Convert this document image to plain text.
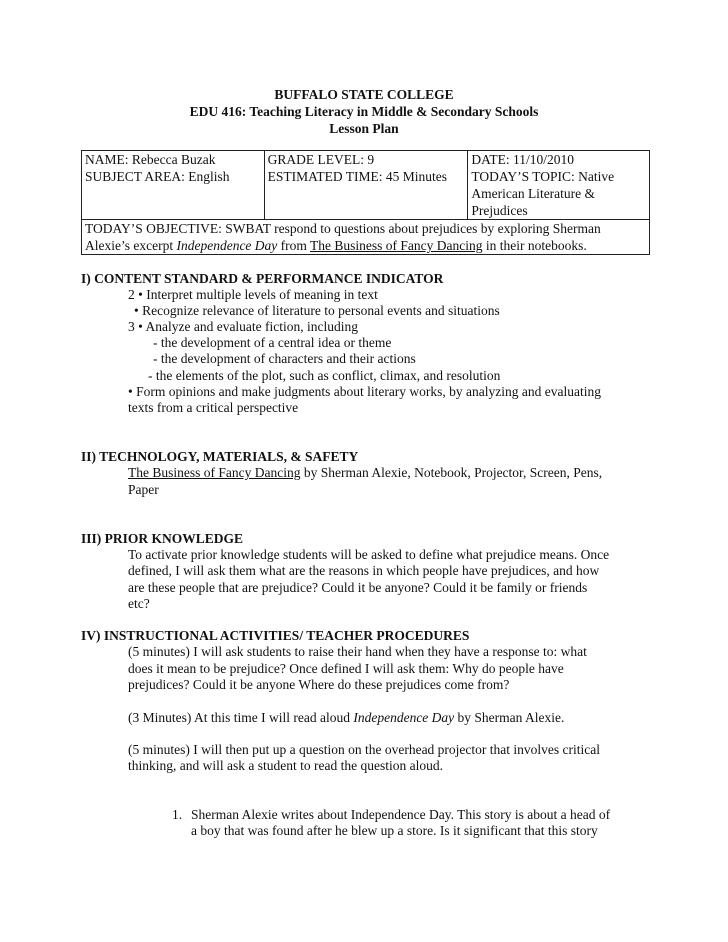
BUFFALO STATE COLLEGE
EDU 416: Teaching Literacy in Middle & Secondary Schools
Lesson Plan
NAME: Rebecca Buzak	GRADE LEVEL: 9	DATE: 11/10/2010
SUBJECT AREA: English	ESTIMATED TIME: 45 Minutes	TODAY’S TOPIC: Native
American Literature &
Prejudices

TODAY’S OBJECTIVE: SWBAT respond to questions about prejudices by exploring Sherman
Alexie’s excerpt Independence Day from The Business of Fancy Dancing in their notebooks.		
I) CONTENT STANDARD & PERFORMANCE INDICATOR
2 • Interpret multiple levels of meaning in text
• Recognize relevance of literature to personal events and situations
3 • Analyze and evaluate fiction, including
- the development of a central idea or theme
- the development of characters and their actions
- the elements of the plot, such as conflict, climax, and resolution
• Form opinions and make judgments about literary works, by analyzing and evaluating
texts from a critical perspective
II) TECHNOLOGY, MATERIALS, & SAFETY
The Business of Fancy Dancing by Sherman Alexie, Notebook, Projector, Screen, Pens,
Paper
III) PRIOR KNOWLEDGE
To activate prior knowledge students will be asked to define what prejudice means. Once
defined, I will ask them what are the reasons in which people have prejudices, and how
are these people that are prejudice? Could it be anyone? Could it be family or friends
etc?
IV) INSTRUCTIONAL ACTIVITIES/ TEACHER PROCEDURES
(5 minutes) I will ask students to raise their hand when they have a response to: what
does it mean to be prejudice? Once defined I will ask them: Why do people have
prejudices? Could it be anyone Where do these prejudices come from?
(3 Minutes) At this time I will read aloud Independence Day by Sherman Alexie.
(5 minutes) I will then put up a question on the overhead projector that involves critical
thinking, and will ask a student to read the question aloud.
1. Sherman Alexie writes about Independence Day. This story is about a head of
a boy that was found after he blew up a store. Is it significant that this story
